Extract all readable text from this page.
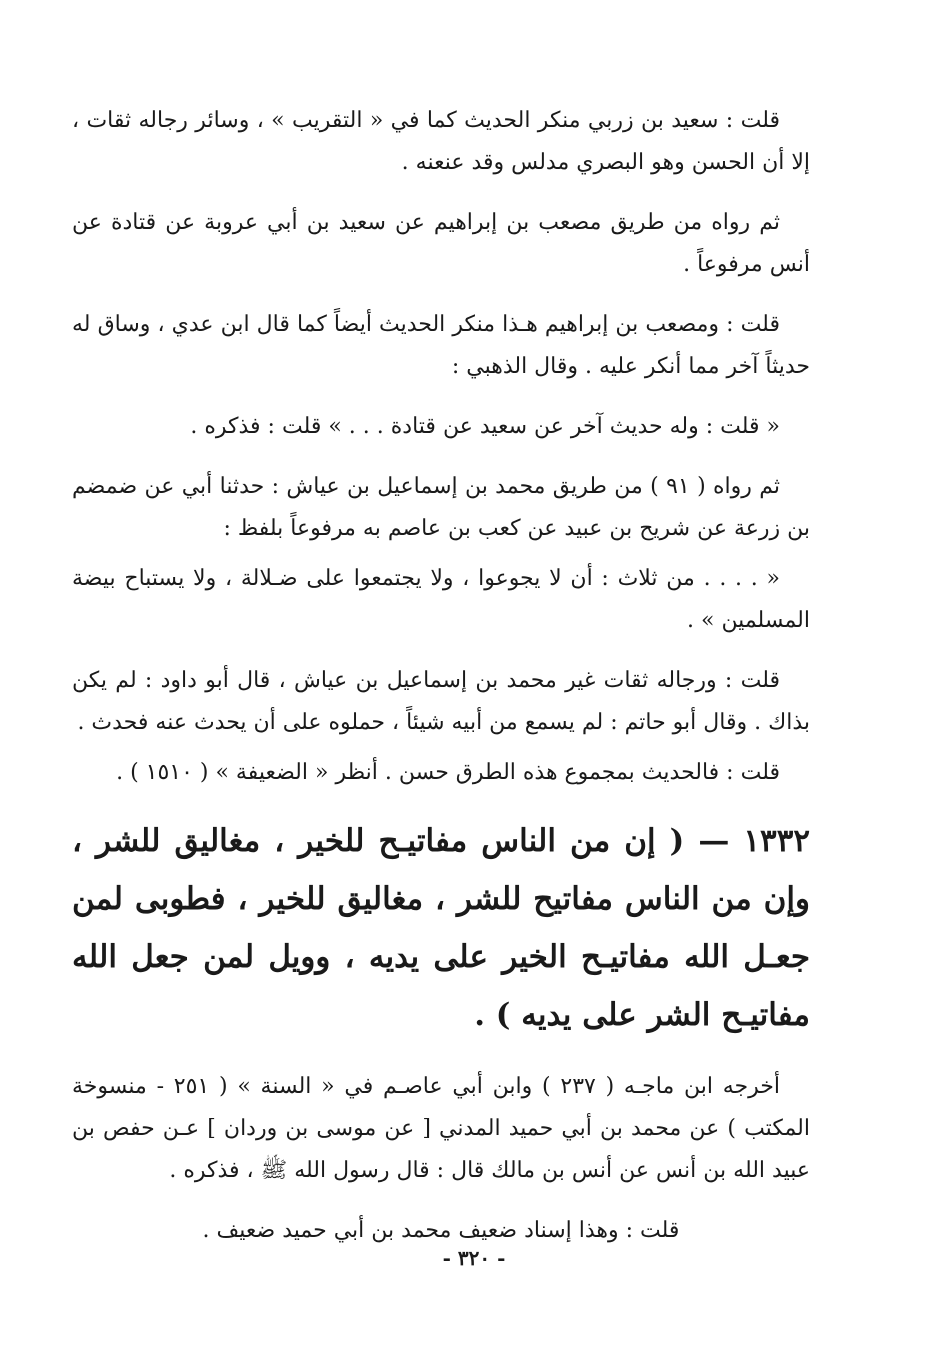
قلت : سعيد بن زربي منكر الحديث كما في « التقريب » ، وسائر رجاله ثقات ، إلا أن الحسن وهو البصري مدلس وقد عنعنه .

ثم رواه من طريق مصعب بن إبراهيم عن سعيد بن أبي عروبة عن قتادة عن أنس مرفوعاً .

قلت : ومصعب بن إبراهيم هـذا منكر الحديث أيضاً كما قال ابن عدي ، وساق له حديثاً آخر مما أنكر عليه . وقال الذهبي :

« قلت : وله حديث آخر عن سعيد عن قتادة . . . » قلت : فذكره .

ثم رواه ( ٩١ ) من طريق محمد بن إسماعيل بن عياش : حدثنا أبي عن ضمضم بن زرعة عن شريح بن عبيد عن كعب بن عاصم به مرفوعاً بلفظ :

« . . . . من ثلاث : أن لا يجوعوا ، ولا يجتمعوا على ضـلالة ، ولا يستباح بيضة المسلمين » .

قلت : ورجاله ثقات غير محمد بن إسماعيل بن عياش ، قال أبو داود : لم يكن بذاك . وقال أبو حاتم : لم يسمع من أبيه شيئاً ، حملوه على أن يحدث عنه فحدث .

قلت : فالحديث بمجموع هذه الطرق حسن . أنظر « الضعيفة » ( ١٥١٠ ) .

١٣٣٢ — ( إن من الناس مفاتيـح للخير ، مغاليق للشر ، وإن من الناس مفاتيح للشر ، مغاليق للخير ، فطوبى لمن جعـل الله مفاتيـح الخير على يديه ، وويل لمن جعل الله مفاتيـح الشر على يديه ) .

أخرجه ابن ماجـه ( ٢٣٧ ) وابن أبي عاصـم في « السنة » ( ٢٥١ - منسوخة المكتب ) عن محمد بن أبي حميد المدني [ عن موسى بن وردان ] عـن حفص بن عبيد الله بن أنس عن أنس بن مالك قال : قال رسول الله ﷺ ، فذكره .

قلت : وهذا إسناد ضعيف محمد بن أبي حميد ضعيف .

- ٣٢٠ -
